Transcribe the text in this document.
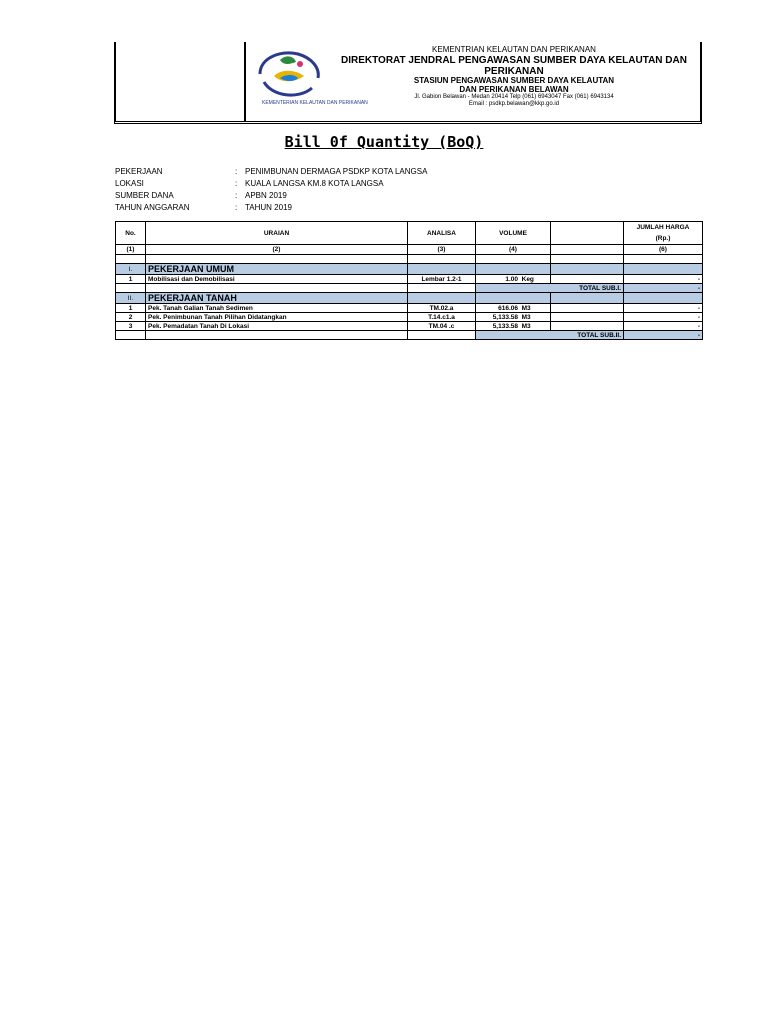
KEMENTERIAN KELAUTAN DAN PERIKANAN
KEMENTRIAN KELAUTAN DAN PERIKANAN
DIREKTORAT JENDRAL PENGAWASAN SUMBER DAYA KELAUTAN DAN PERIKANAN
STASIUN PENGAWASAN SUMBER DAYA KELAUTAN
DAN PERIKANAN BELAWAN
Jl. Gabion Belawan - Medan 20414 Telp (061) 6943047 Fax (061) 6943134
Email : psdkp.belawan@kkp.go.id
Bill 0f Quantity (BoQ)
PEKERJAAN	: PENIMBUNAN DERMAGA PSDKP KOTA LANGSA
LOKASI	: KUALA LANGSA KM.8 KOTA LANGSA
SUMBER DANA	: APBN 2019
TAHUN ANGGARAN	: TAHUN 2019
No.	URAIAN	ANALISA	VOLUME		JUMLAH HARGA
(Rp.)
(1)	(2)	(3)	(4)		(6)

I.	PEKERJAAN UMUM				
1	Mobilisasi dan Demobilisasi	Lembar 1.2-1	1.00 Keg		-
			TOTAL SUB.I.		-
II.	PEKERJAAN TANAH				
1	Pek. Tanah Galian Tanah Sedimen	TM.02.a	616.06 M3		-
2	Pek. Penimbunan Tanah Pilihan Didatangkan	T.14.c1.a	5,133.58 M3		-
3	Pek. Pemadatan Tanah Di Lokasi	TM.04 .c	5,133.58 M3		-
			TOTAL SUB.II.		-
